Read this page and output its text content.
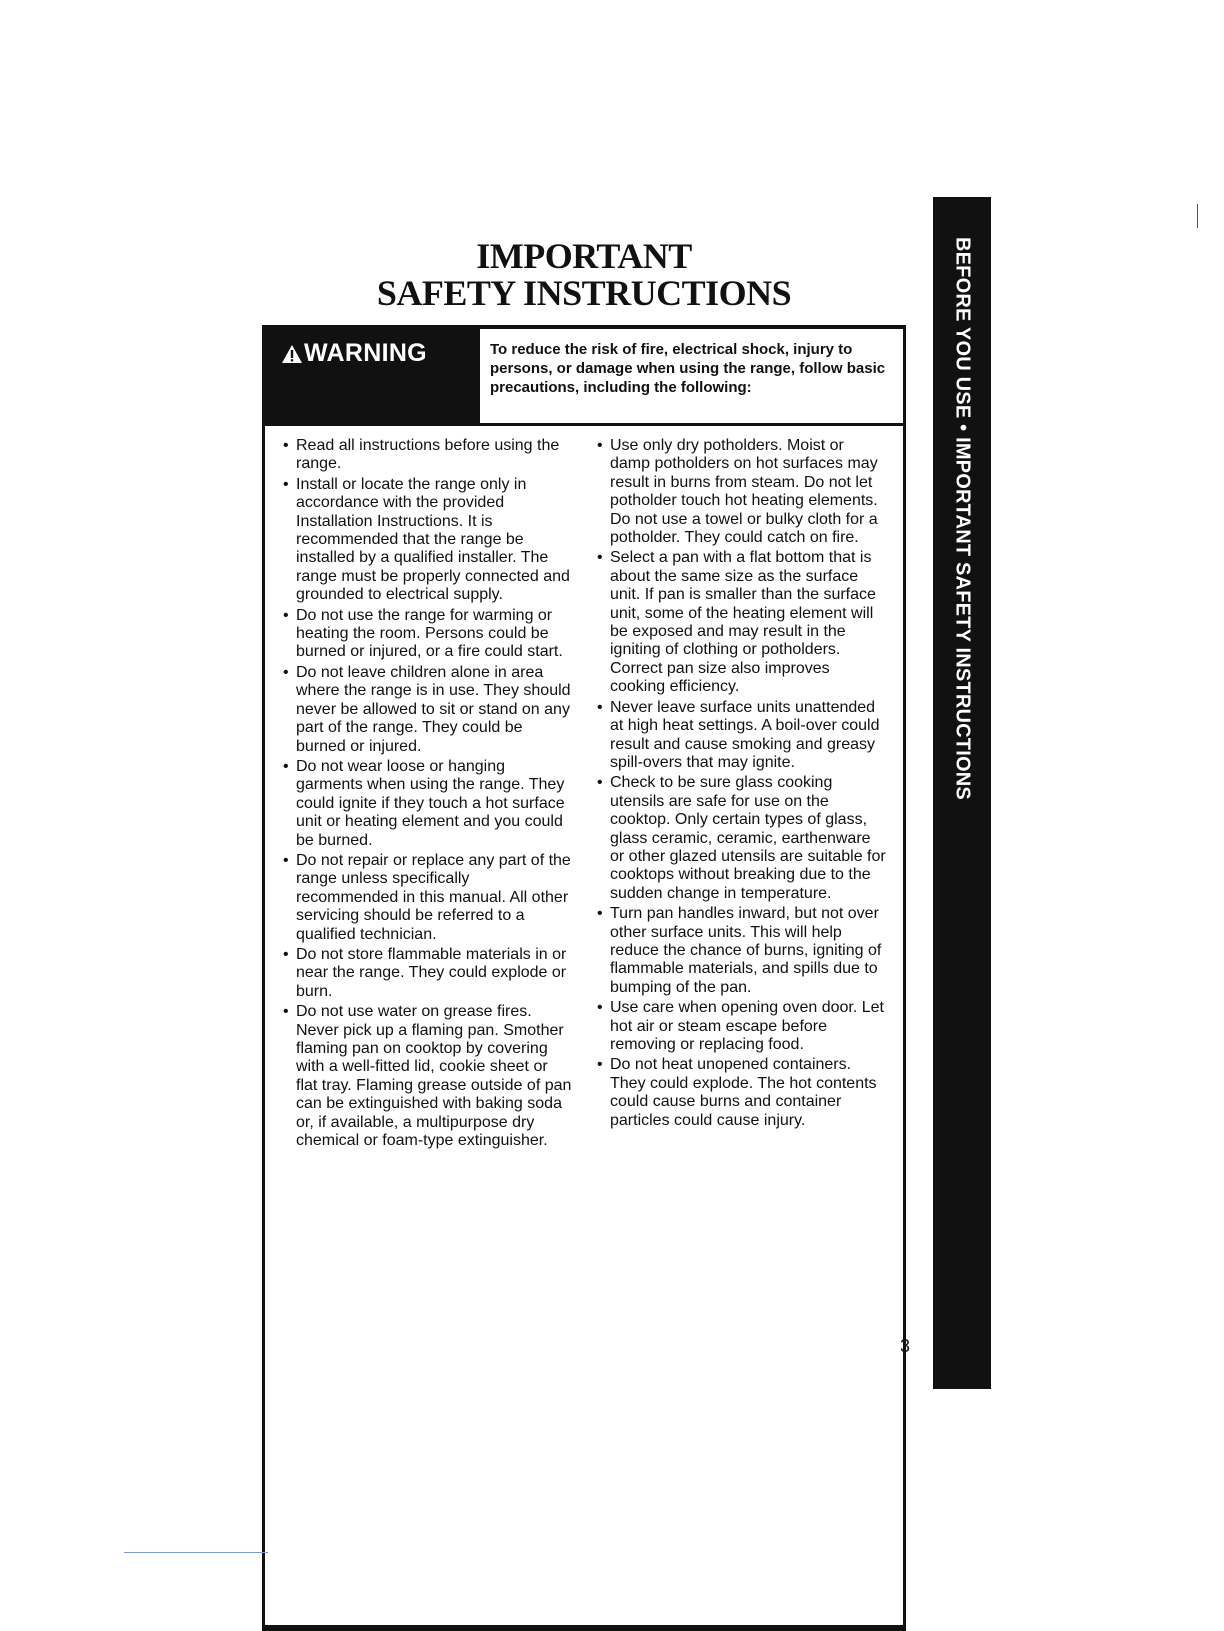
IMPORTANT
SAFETY INSTRUCTIONS
WARNING	To reduce the risk of fire, electrical shock, injury to persons, or damage when using the range, follow basic precautions, including the following:
• Read all instructions before using the range.
• Install or locate the range only in accordance with the provided Installation Instructions. It is recommended that the range be installed by a qualified installer. The range must be properly connected and grounded to electrical supply.
• Do not use the range for warming or heating the room. Persons could be burned or injured, or a fire could start.
• Do not leave children alone in area where the range is in use. They should never be allowed to sit or stand on any part of the range. They could be burned or injured.
• Do not wear loose or hanging garments when using the range. They could ignite if they touch a hot surface unit or heating element and you could be burned.
• Do not repair or replace any part of the range unless specifically recommended in this manual. All other servicing should be referred to a qualified technician.
• Do not store flammable materials in or near the range. They could explode or burn.
• Do not use water on grease fires. Never pick up a flaming pan. Smother flaming pan on cooktop by covering with a well-fitted lid, cookie sheet or flat tray. Flaming grease outside of pan can be extinguished with baking soda or, if available, a multipurpose dry chemical or foam-type extinguisher.
• Use only dry potholders. Moist or damp potholders on hot surfaces may result in burns from steam. Do not let potholder touch hot heating elements. Do not use a towel or bulky cloth for a potholder. They could catch on fire.
• Select a pan with a flat bottom that is about the same size as the surface unit. If pan is smaller than the surface unit, some of the heating element will be exposed and may result in the igniting of clothing or potholders. Correct pan size also improves cooking efficiency.
• Never leave surface units unattended at high heat settings. A boil-over could result and cause smoking and greasy spill-overs that may ignite.
• Check to be sure glass cooking utensils are safe for use on the cooktop. Only certain types of glass, glass ceramic, ceramic, earthenware or other glazed utensils are suitable for cooktops without breaking due to the sudden change in temperature.
• Turn pan handles inward, but not over other surface units. This will help reduce the chance of burns, igniting of flammable materials, and spills due to bumping of the pan.
• Use care when opening oven door. Let hot air or steam escape before removing or replacing food.
• Do not heat unopened containers. They could explode. The hot contents could cause burns and container particles could cause injury.
BEFORE YOU USE • IMPORTANT SAFETY INSTRUCTIONS
3
